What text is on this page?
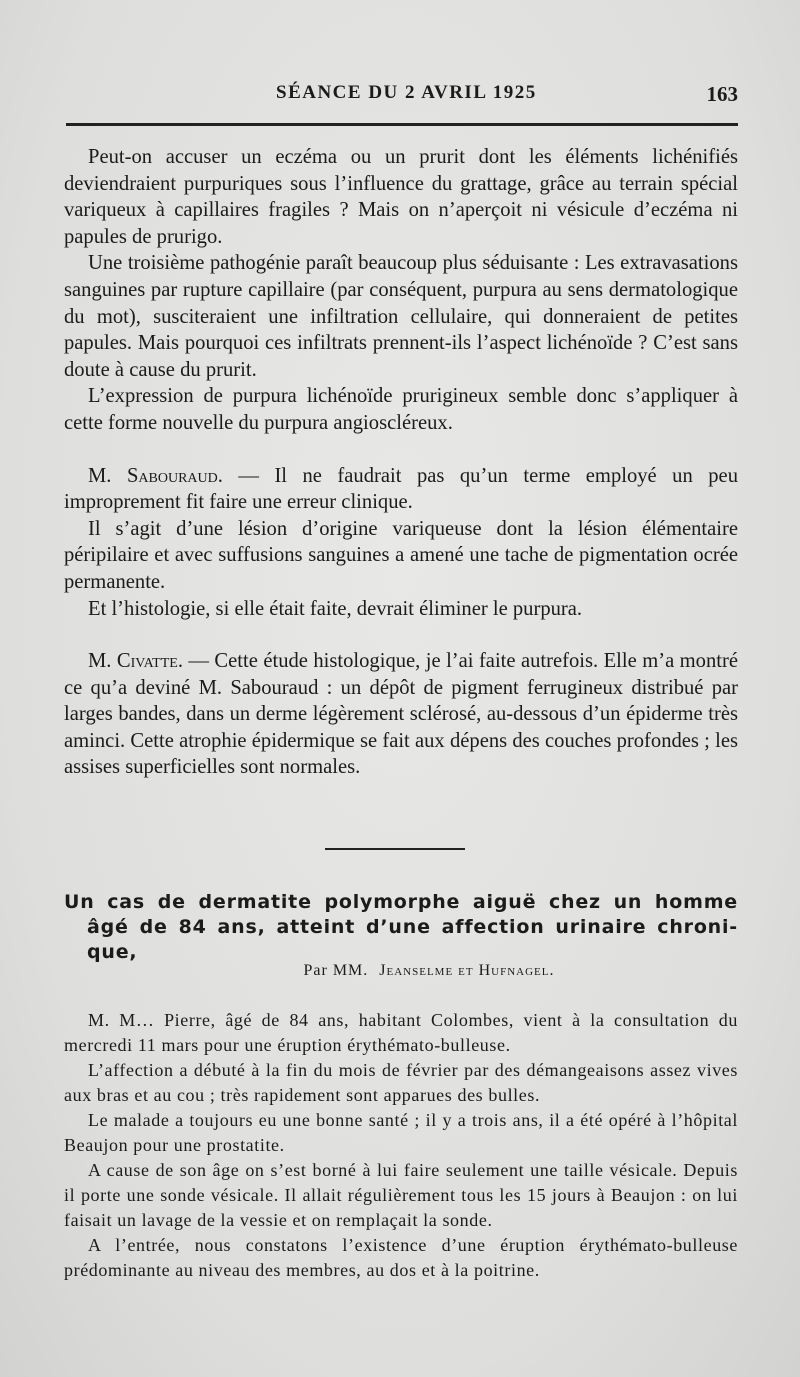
SÉANCE DU 2 AVRIL 1925	163

Peut-on accuser un eczéma ou un prurit dont les éléments lichénifiés deviendraient purpuriques sous l’influence du grattage, grâce au terrain spécial variqueux à capillaires fragiles ? Mais on n’aperçoit ni vésicule d’eczéma ni papules de prurigo.

Une troisième pathogénie paraît beaucoup plus séduisante : Les extravasations sanguines par rupture capillaire (par conséquent, purpura au sens dermatologique du mot), susciteraient une infiltration cellulaire, qui donneraient de petites papules. Mais pourquoi ces infiltrats prennent-ils l’aspect lichénoïde ? C’est sans doute à cause du prurit.

L’expression de purpura lichénoïde prurigineux semble donc s’appliquer à cette forme nouvelle du purpura angioscléreux.

M. Sabouraud. — Il ne faudrait pas qu’un terme employé un peu improprement fit faire une erreur clinique.

Il s’agit d’une lésion d’origine variqueuse dont la lésion élémentaire péripilaire et avec suffusions sanguines a amené une tache de pigmentation ocrée permanente.

Et l’histologie, si elle était faite, devrait éliminer le purpura.

M. Civatte. — Cette étude histologique, je l’ai faite autrefois. Elle m’a montré ce qu’a deviné M. Sabouraud : un dépôt de pigment ferrugineux distribué par larges bandes, dans un derme légèrement sclérosé, au-dessous d’un épiderme très aminci. Cette atrophie épidermique se fait aux dépens des couches profondes ; les assises superficielles sont normales.

Un cas de dermatite polymorphe aiguë chez un homme
âgé de 84 ans, atteint d’une affection urinaire chroni-
que,
Par MM. Jeanselme et Hufnagel.

M. M… Pierre, âgé de 84 ans, habitant Colombes, vient à la consultation du mercredi 11 mars pour une éruption érythémato-bulleuse.

L’affection a débuté à la fin du mois de février par des démangeaisons assez vives aux bras et au cou ; très rapidement sont apparues des bulles.

Le malade a toujours eu une bonne santé ; il y a trois ans, il a été opéré à l’hôpital Beaujon pour une prostatite.

A cause de son âge on s’est borné à lui faire seulement une taille vésicale. Depuis il porte une sonde vésicale. Il allait régulièrement tous les 15 jours à Beaujon : on lui faisait un lavage de la vessie et on remplaçait la sonde.

A l’entrée, nous constatons l’existence d’une éruption érythémato-bulleuse prédominante au niveau des membres, au dos et à la poitrine.
